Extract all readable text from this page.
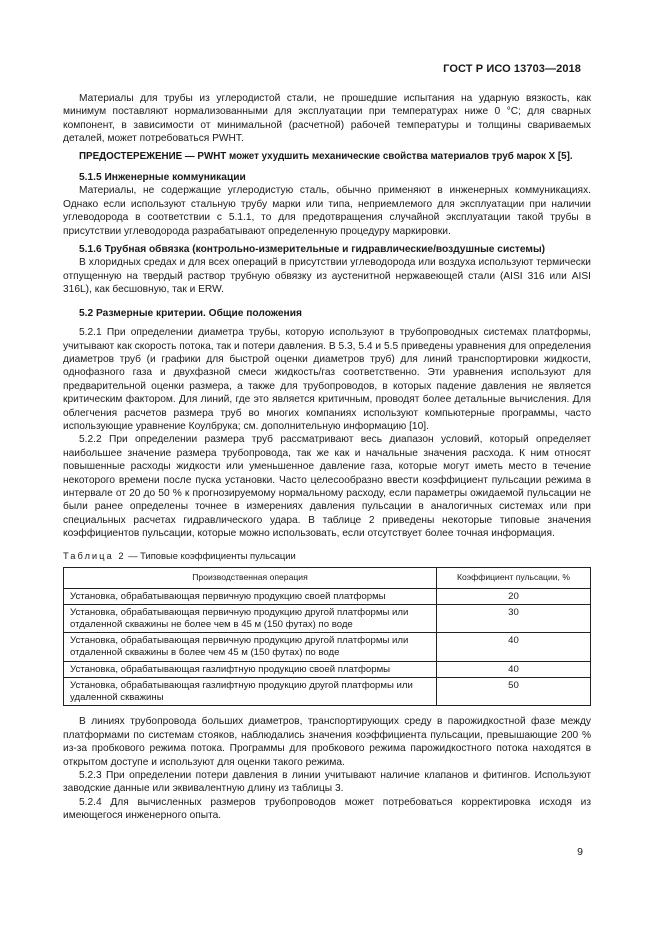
ГОСТ Р ИСО 13703—2018

Материалы для трубы из углеродистой стали, не прошедшие испытания на ударную вязкость, как минимум поставляют нормализованными для эксплуатации при температурах ниже 0 °С; для сварных компонент, в зависимости от минимальной (расчетной) рабочей температуры и толщины свариваемых деталей, может потребоваться PWHT.

ПРЕДОСТЕРЕЖЕНИЕ — PWHT может ухудшить механические свойства материалов труб марок Х [5].

5.1.5 Инженерные коммуникации

Материалы, не содержащие углеродистую сталь, обычно применяют в инженерных коммуникациях. Однако если используют стальную трубу марки или типа, неприемлемого для эксплуатации при наличии углеводорода в соответствии с 5.1.1, то для предотвращения случайной эксплуатации такой трубы в присутствии углеводорода разрабатывают определенную процедуру маркировки.

5.1.6 Трубная обвязка (контрольно-измерительные и гидравлические/воздушные системы)

В хлоридных средах и для всех операций в присутствии углеводорода или воздуха используют термически отпущенную на твердый раствор трубную обвязку из аустенитной нержавеющей стали (AISI 316 или AISI 316L), как бесшовную, так и ERW.

5.2 Размерные критерии. Общие положения

5.2.1 При определении диаметра трубы, которую используют в трубопроводных системах платформы, учитывают как скорость потока, так и потери давления. В 5.3, 5.4 и 5.5 приведены уравнения для определения диаметров труб (и графики для быстрой оценки диаметров труб) для линий транспортировки жидкости, однофазного газа и двухфазной смеси жидкость/газ соответственно. Эти уравнения используют для предварительной оценки размера, а также для трубопроводов, в которых падение давления не является критическим фактором. Для линий, где это является критичным, проводят более детальные вычисления. Для облегчения расчетов размера труб во многих компаниях используют компьютерные программы, часто использующие уравнение Коулбрука; см. дополнительную информацию [10].

5.2.2 При определении размера труб рассматривают весь диапазон условий, который определяет наибольшее значение размера трубопровода, так же как и начальные значения расхода. К ним относят повышенные расходы жидкости или уменьшенное давление газа, которые могут иметь место в течение некоторого времени после пуска установки. Часто целесообразно ввести коэффициент пульсации режима в интервале от 20 до 50 % к прогнозируемому нормальному расходу, если параметры ожидаемой пульсации не были ранее определены точнее в измерениях давления пульсации в аналогичных системах или при специальных расчетах гидравлического удара. В таблице 2 приведены некоторые типовые значения коэффициентов пульсации, которые можно использовать, если отсутствует более точная информация.

Таблица 2 — Типовые коэффициенты пульсации

Производственная операция	Коэффициент пульсации, %
Установка, обрабатывающая первичную продукцию своей платформы	20
Установка, обрабатывающая первичную продукцию другой платформы или отдаленной скважины не более чем в 45 м (150 футах) по воде	30
Установка, обрабатывающая первичную продукцию другой платформы или отдаленной скважины в более чем 45 м (150 футах) по воде	40
Установка, обрабатывающая газлифтную продукцию своей платформы	40
Установка, обрабатывающая газлифтную продукцию другой платформы или удаленной скважины	50

В линиях трубопровода больших диаметров, транспортирующих среду в парожидкостной фазе между платформами по системам стояков, наблюдались значения коэффициента пульсации, превышающие 200 % из-за пробкового режима потока. Программы для пробкового режима парожидкостного потока находятся в открытом доступе и используют для оценки такого режима.

5.2.3 При определении потери давления в линии учитывают наличие клапанов и фитингов. Используют заводские данные или эквивалентную длину из таблицы 3.

5.2.4 Для вычисленных размеров трубопроводов может потребоваться корректировка исходя из имеющегося инженерного опыта.

9
